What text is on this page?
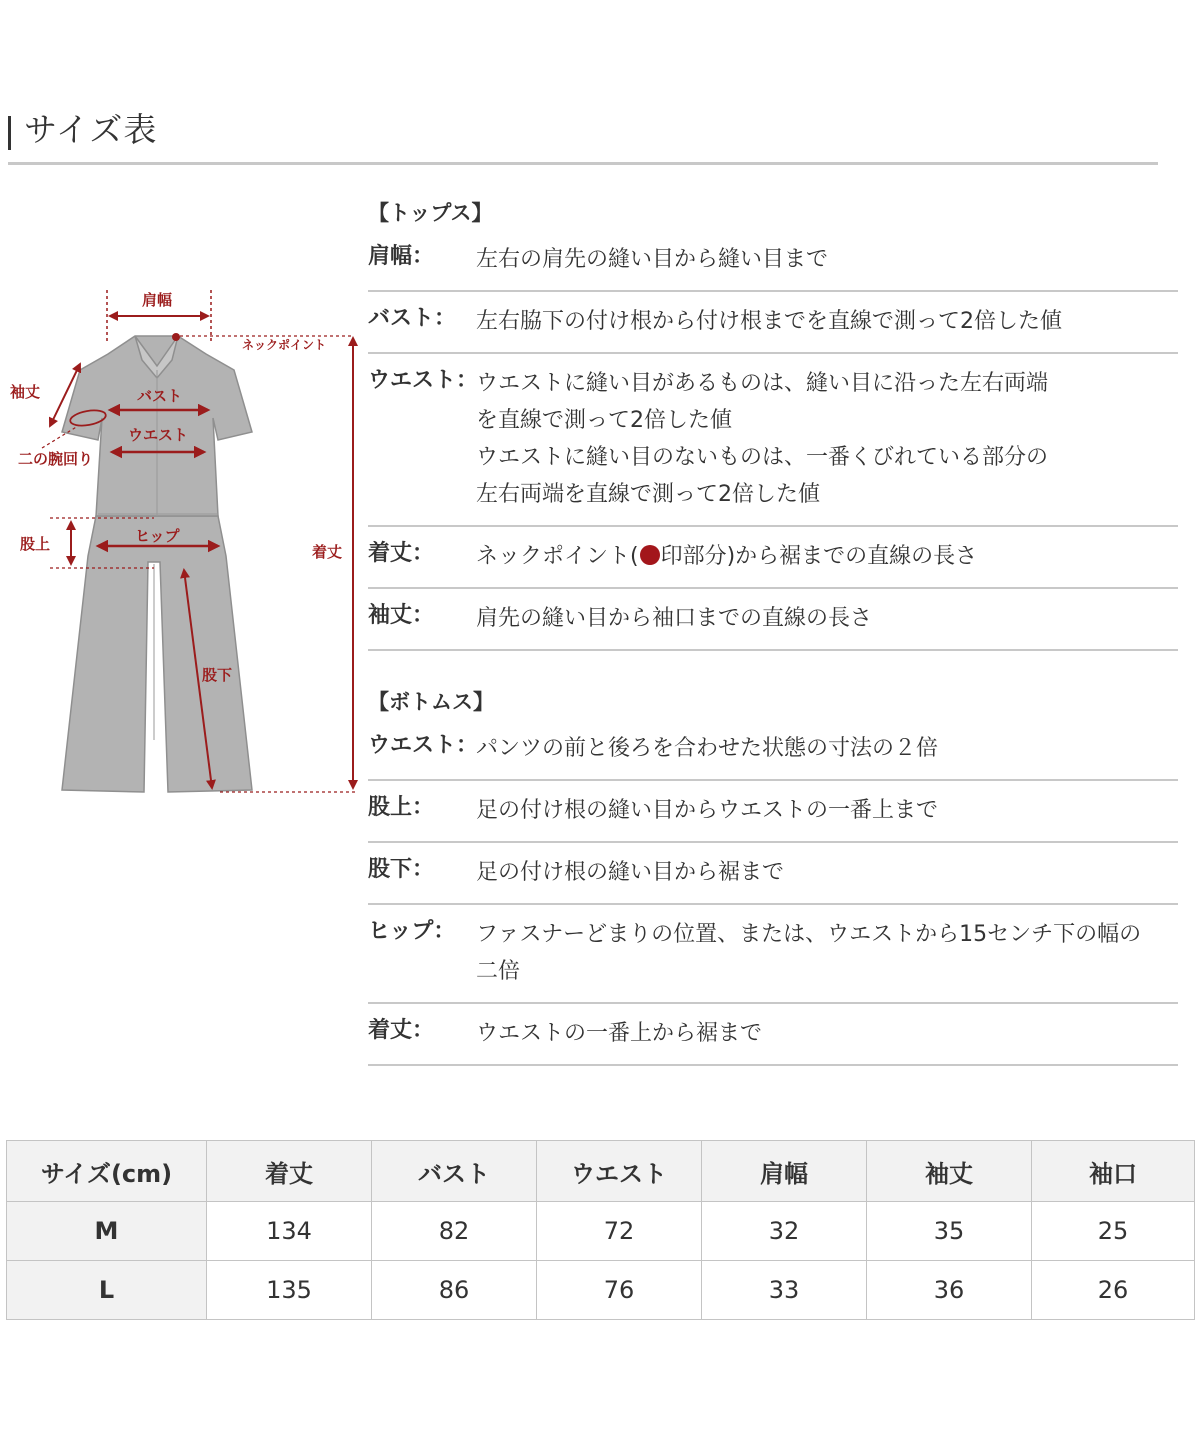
サイズ表
肩幅
ネックポイント
袖丈	バスト
ウエスト
二の腕回り
股上	ヒップ
着丈
股下
【トップス】
肩幅：	左右の肩先の縫い目から縫い目まで
バスト： 左右脇下の付け根から付け根までを直線で測って2倍した値
ウエスト：
ウエストに縫い目があるものは、縫い目に沿った左右両端
を直線で測って2倍した値
ウエストに縫い目のないものは、一番くびれている部分の
左右両端を直線で測って2倍した値
着丈：	ネックポイント( 印部分)から裾までの直線の長さ
袖丈：	肩先の縫い目から袖口までの直線の長さ
【ボトムス】
ウエスト：
パンツの前と後ろを合わせた状態の寸法の２倍
股上：	足の付け根の縫い目からウエストの一番上まで
股下：	足の付け根の縫い目から裾まで
ヒップ： ファスナーどまりの位置、または、ウエストから15センチ下の幅の
二倍
着丈：	ウエストの一番上から裾まで
サイズ(cm)	着丈	バスト	ウエスト	肩幅	袖丈	袖口
M	134	82	72	32	35	25
L	135	86	76	33	36	26
